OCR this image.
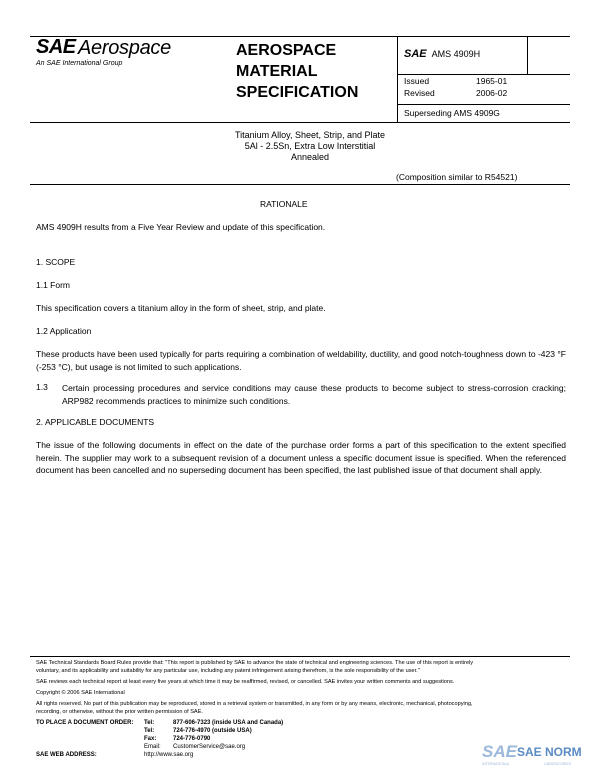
SAE Aerospace
An SAE International Group
AEROSPACE
MATERIAL
SPECIFICATION
SAE AMS 4909H
Issued	1965-01
Revised	2006-02
Superseding AMS 4909G
Titanium Alloy, Sheet, Strip, and Plate
5Al - 2.5Sn, Extra Low Interstitial
Annealed
(Composition similar to R54521)
RATIONALE
AMS 4909H results from a Five Year Review and update of this specification.
1. SCOPE
1.1 Form
This specification covers a titanium alloy in the form of sheet, strip, and plate.
1.2 Application
These products have been used typically for parts requiring a combination of weldability, ductility, and good notch-toughness down to -423 °F (-253 °C), but usage is not limited to such applications.
1.3 Certain processing procedures and service conditions may cause these products to become subject to stress-corrosion cracking; ARP982 recommends practices to minimize such conditions.
2. APPLICABLE DOCUMENTS
The issue of the following documents in effect on the date of the purchase order forms a part of this specification to the extent specified herein. The supplier may work to a subsequent revision of a document unless a specific document issue is specified. When the referenced document has been cancelled and no superseding document has been specified, the last published issue of that document shall apply.
SAE Technical Standards Board Rules provide that: "This report is published by SAE to advance the state of technical and engineering sciences. The use of this report is entirely
voluntary, and its applicability and suitability for any particular use, including any patent infringement arising therefrom, is the sole responsibility of the user."
SAE reviews each technical report at least every five years at which time it may be reaffirmed, revised, or cancelled. SAE invites your written comments and suggestions.
Copyright © 2006 SAE International
All rights reserved. No part of this publication may be reproduced, stored in a retrieval system or transmitted, in any form or by any means, electronic, mechanical, photocopying,
recording, or otherwise, without the prior written permission of SAE.
TO PLACE A DOCUMENT ORDER: Tel:	877-606-7323 (inside USA and Canada)
Tel:	724-776-4970 (outside USA)
Fax:	724-776-0790
Email: CustomerService@sae.org
SAE WEB ADDRESS:	http://www.sae.org	SAE SAE NORM
INTERNATIONAL	LABORATORIES
